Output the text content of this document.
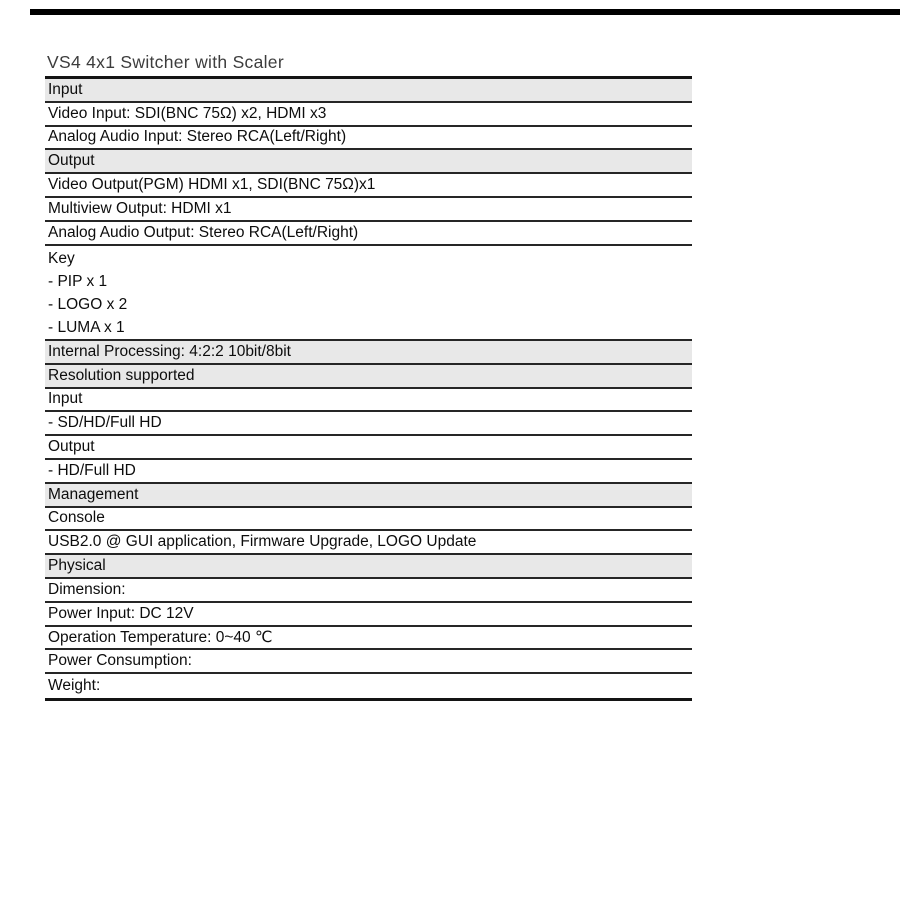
VS4 4x1 Switcher with Scaler
Input
Video Input: SDI(BNC 75Ω) x2, HDMI x3
Analog Audio Input: Stereo RCA(Left/Right)
Output
Video Output(PGM) HDMI x1, SDI(BNC 75Ω)x1
Multiview Output: HDMI x1
Analog Audio Output: Stereo RCA(Left/Right)
Key
- PIP x 1
- LOGO x 2
- LUMA x 1
Internal Processing: 4:2:2 10bit/8bit
Resolution supported
Input
- SD/HD/Full HD
Output
- HD/Full HD
Management
Console
USB2.0 @ GUI application, Firmware Upgrade, LOGO Update
Physical
Dimension:
Power Input: DC 12V
Operation Temperature: 0~40 ℃
Power Consumption:
Weight:
